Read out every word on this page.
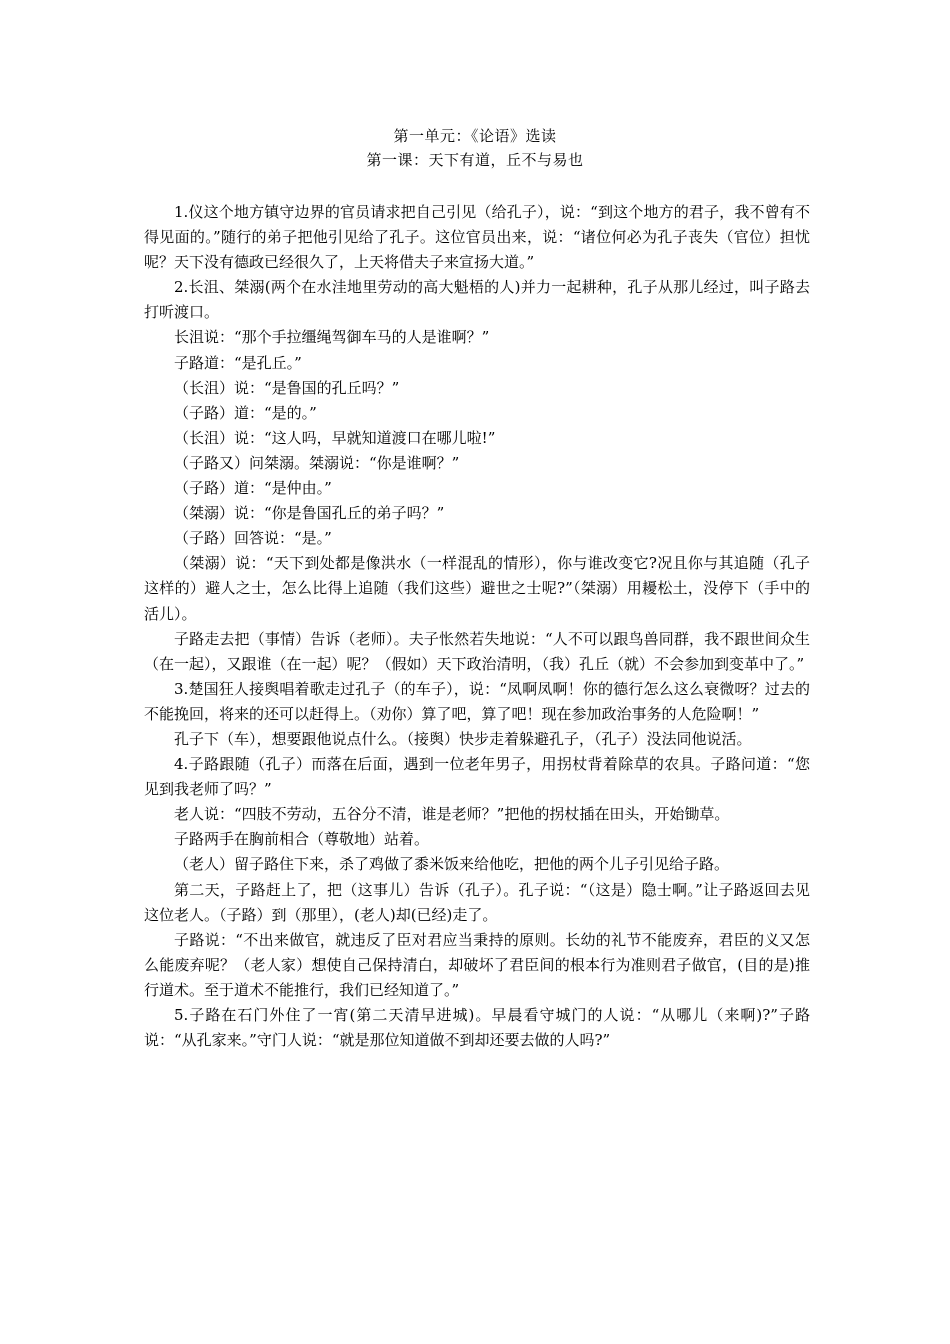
第一单元：《论语》选读
第一课：天下有道，丘不与易也

1.仪这个地方镇守边界的官员请求把自己引见（给孔子），说：“到这个地方的君子，我不曾有不得见面的。”随行的弟子把他引见给了孔子。这位官员出来，说：“诸位何必为孔子丧失（官位）担忧呢？天下没有德政已经很久了，上天将借夫子来宣扬大道。”

2.长沮、桀溺(两个在水洼地里劳动的高大魁梧的人)并力一起耕种，孔子从那儿经过，叫子路去打听渡口。

长沮说：“那个手拉缰绳驾御车马的人是谁啊？”

子路道：“是孔丘。”

（长沮）说：“是鲁国的孔丘吗？”

（子路）道：“是的。”

（长沮）说：“这人吗，早就知道渡口在哪儿啦!”

（子路又）问桀溺。桀溺说：“你是谁啊？”

（子路）道：“是仲由。”

（桀溺）说：“你是鲁国孔丘的弟子吗？”

（子路）回答说：“是。”

（桀溺）说：“天下到处都是像洪水（一样混乱的情形），你与谁改变它?况且你与其追随（孔子这样的）避人之士，怎么比得上追随（我们这些）避世之士呢?”（桀溺）用耰松土，没停下（手中的活儿）。

子路走去把（事情）告诉（老师）。夫子怅然若失地说：“人不可以跟鸟兽同群，我不跟世间众生（在一起），又跟谁（在一起）呢？（假如）天下政治清明，（我）孔丘（就）不会参加到变革中了。”

3.楚国狂人接舆唱着歌走过孔子（的车子），说：“凤啊凤啊！你的德行怎么这么衰微呀？过去的不能挽回，将来的还可以赶得上。（劝你）算了吧，算了吧！现在参加政治事务的人危险啊！”

孔子下（车），想要跟他说点什么。（接舆）快步走着躲避孔子，（孔子）没法同他说活。

4.子路跟随（孔子）而落在后面，遇到一位老年男子，用拐杖背着除草的农具。子路问道：“您见到我老师了吗？”

老人说：“四肢不劳动，五谷分不清，谁是老师？”把他的拐杖插在田头，开始锄草。

子路两手在胸前相合（尊敬地）站着。

（老人）留子路住下来，杀了鸡做了黍米饭来给他吃，把他的两个儿子引见给子路。

第二天，子路赶上了，把（这事儿）告诉（孔子）。孔子说：“（这是）隐士啊。”让子路返回去见这位老人。（子路）到（那里），(老人)却(已经)走了。

子路说：“不出来做官，就违反了臣对君应当秉持的原则。长幼的礼节不能废弃，君臣的义又怎么能废弃呢？（老人家）想使自己保持清白，却破坏了君臣间的根本行为准则君子做官，(目的是)推行道术。至于道术不能推行，我们已经知道了。”

5.子路在石门外住了一宵(第二天清早进城)。早晨看守城门的人说：“从哪儿（来啊)?”子路说：“从孔家来。”守门人说：“就是那位知道做不到却还要去做的人吗?”
